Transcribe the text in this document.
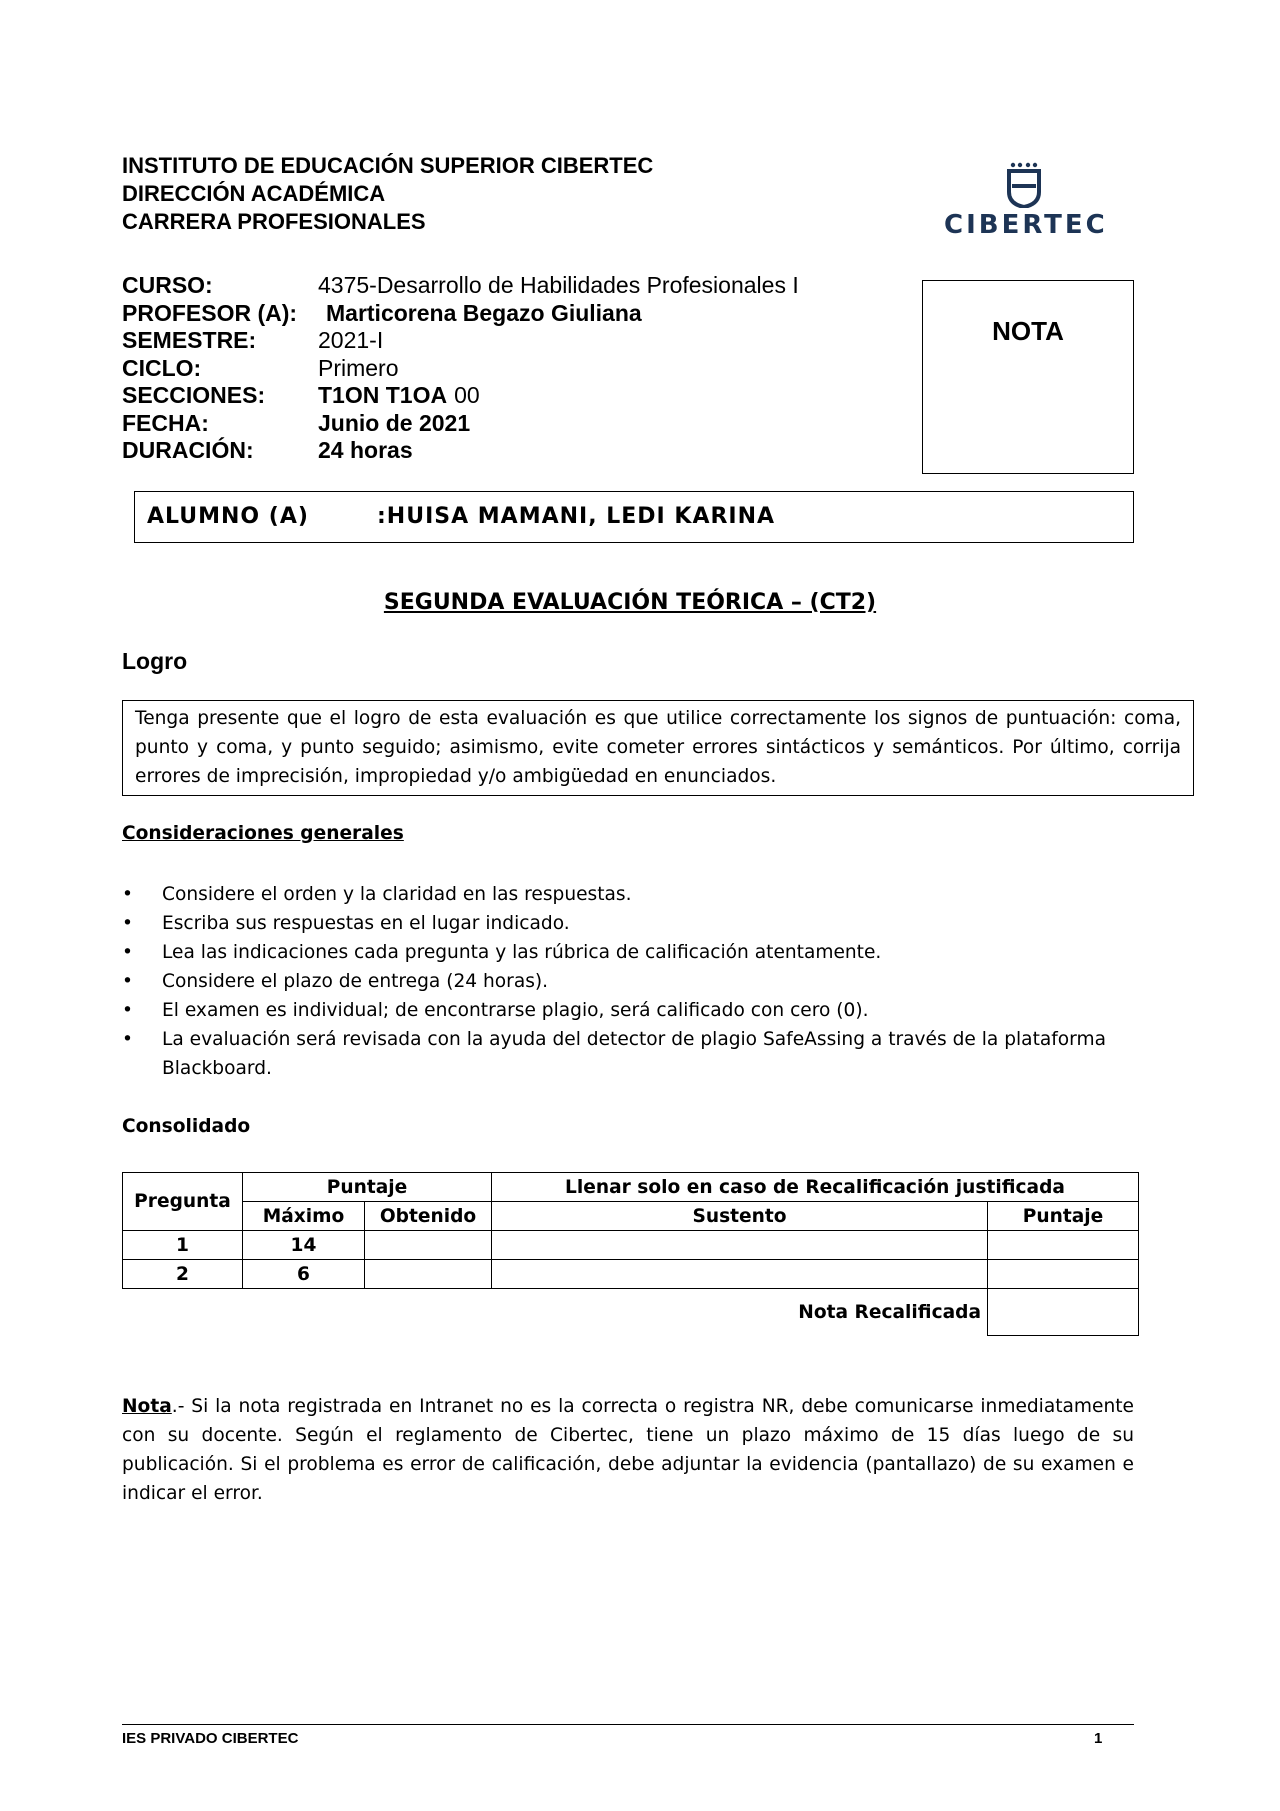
INSTITUTO DE EDUCACIÓN SUPERIOR CIBERTEC
DIRECCIÓN ACADÉMICA
CARRERA PROFESIONALES	CIBERTEC
CURSO:	4375-Desarrollo de Habilidades Profesionales I
PROFESOR (A):	Marticorena Begazo Giuliana
SEMESTRE:	2021-I
CICLO:	Primero
SECCIONES:	T1ON T1OA 00
FECHA:	Junio de 2021
DURACIÓN:	24 horas
NOTA
ALUMNO (A)	:HUISA MAMANI, LEDI KARINA
SEGUNDA EVALUACIÓN TEÓRICA – (CT2)
Logro
Tenga presente que el logro de esta evaluación es que utilice correctamente los signos de puntuación: coma, punto y coma, y punto seguido; asimismo, evite cometer errores sintácticos y semánticos. Por último, corrija errores de imprecisión, impropiedad y/o ambigüedad en enunciados.
Consideraciones generales
•	Considere el orden y la claridad en las respuestas.
•	Escriba sus respuestas en el lugar indicado.
•	Lea las indicaciones cada pregunta y las rúbrica de calificación atentamente.
•	Considere el plazo de entrega (24 horas).
•	El examen es individual; de encontrarse plagio, será calificado con cero (0).
•	La evaluación será revisada con la ayuda del detector de plagio SafeAssing a través de la plataforma Blackboard.
Consolidado
Pregunta	Puntaje		Llenar solo en caso de Recalificación justificada	
	Máximo	Obtenido	Sustento	Puntaje
1	14			
2	6			
Nota Recalificada				
Nota.- Si la nota registrada en Intranet no es la correcta o registra NR, debe comunicarse inmediatamente con su docente. Según el reglamento de Cibertec, tiene un plazo máximo de 15 días luego de su publicación. Si el problema es error de calificación, debe adjuntar la evidencia (pantallazo) de su examen e indicar el error.
IES PRIVADO CIBERTEC	1
